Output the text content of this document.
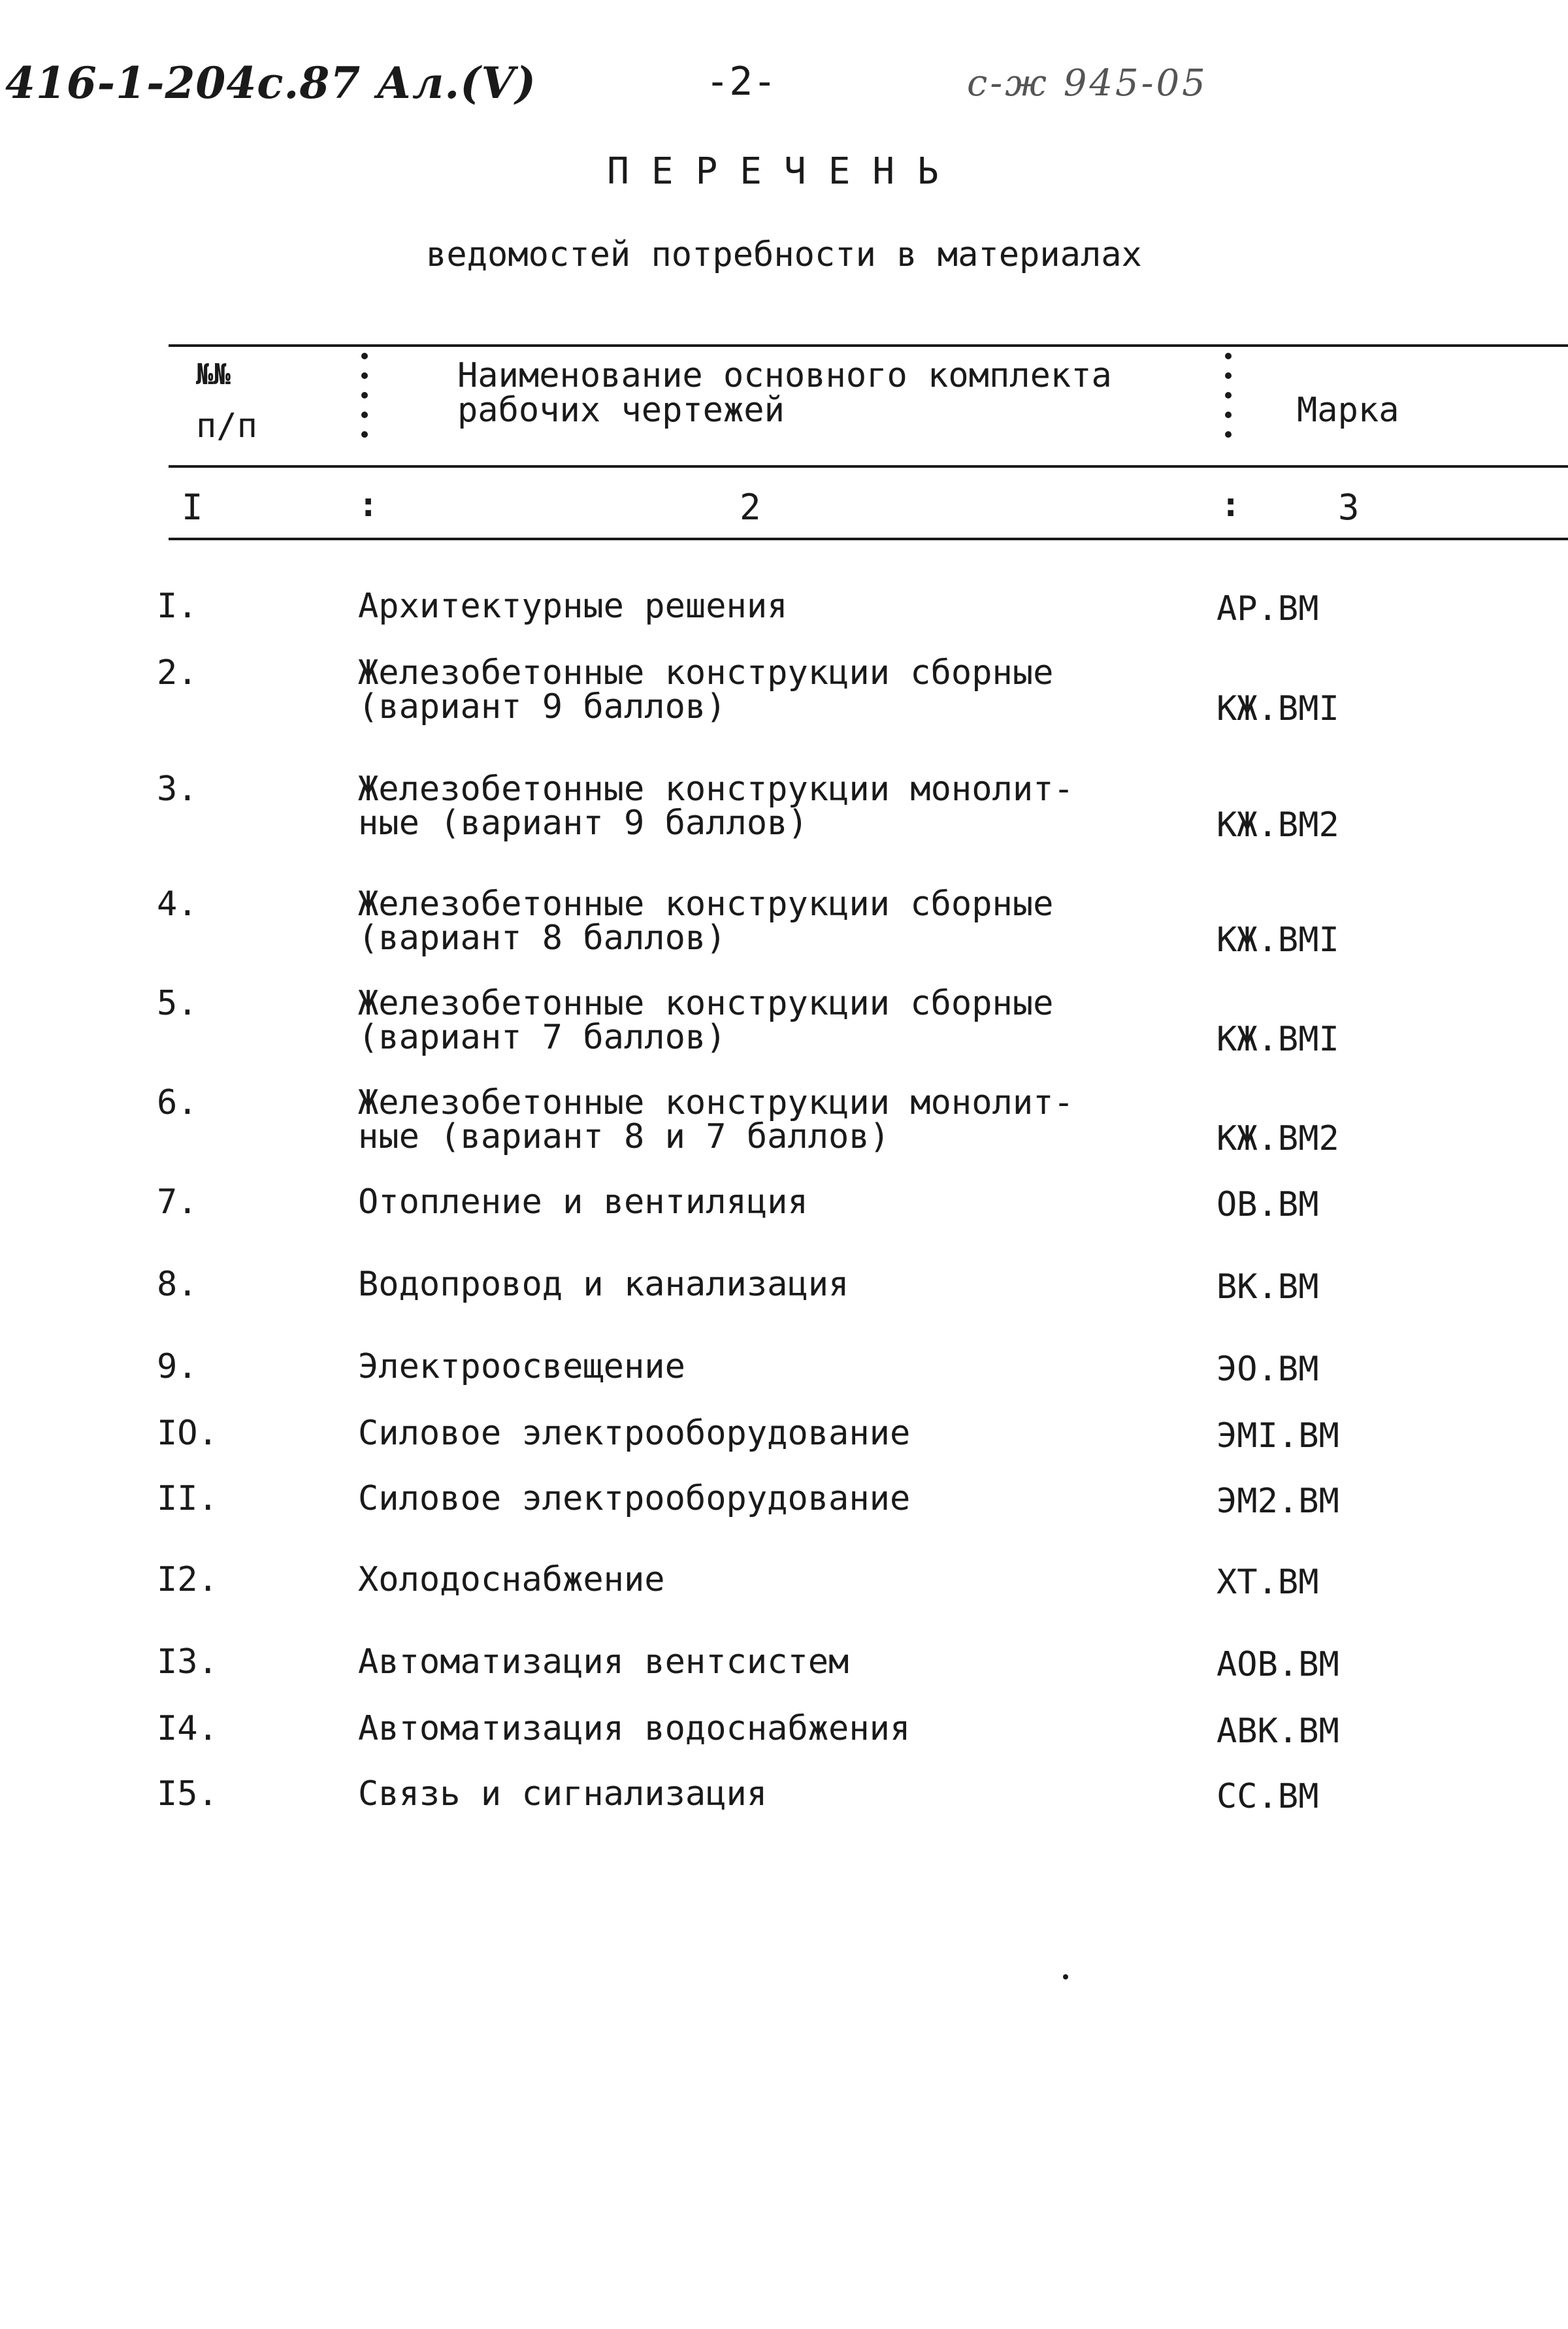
416-1-204с.87 Ал.(V)	-2-	с-ж 945-05
ПЕРЕЧЕНЬ
ведомостей потребности в материалах
№№
п/п
Наименование основного комплекта
рабочих чертежей	Марка
I	:	2	:	3
I.	Архитектурные решения	АР.ВМ
2.	Железобетонные конструкции сборные
(вариант 9 баллов)	КЖ.ВМI
3.	Железобетонные конструкции монолит-
ные (вариант 9 баллов)	КЖ.ВМ2
4.	Железобетонные конструкции сборные
(вариант 8 баллов)	КЖ.ВМI
5.	Железобетонные конструкции сборные
(вариант 7 баллов)	КЖ.ВМI
6.	Железобетонные конструкции монолит-
ные (вариант 8 и 7 баллов)	КЖ.ВМ2
7.	Отопление и вентиляция	ОВ.ВМ
8.	Водопровод и канализация	ВК.ВМ
9.	Электроосвещение	ЭО.ВМ
IO.	Силовое электрооборудование	ЭМI.ВМ
II.	Силовое электрооборудование	ЭМ2.ВМ
I2.	Холодоснабжение	ХТ.ВМ
I3.	Автоматизация вентсистем	АОВ.ВМ
I4.	Автоматизация водоснабжения	АВК.ВМ
I5.	Связь и сигнализация	СС.ВМ
